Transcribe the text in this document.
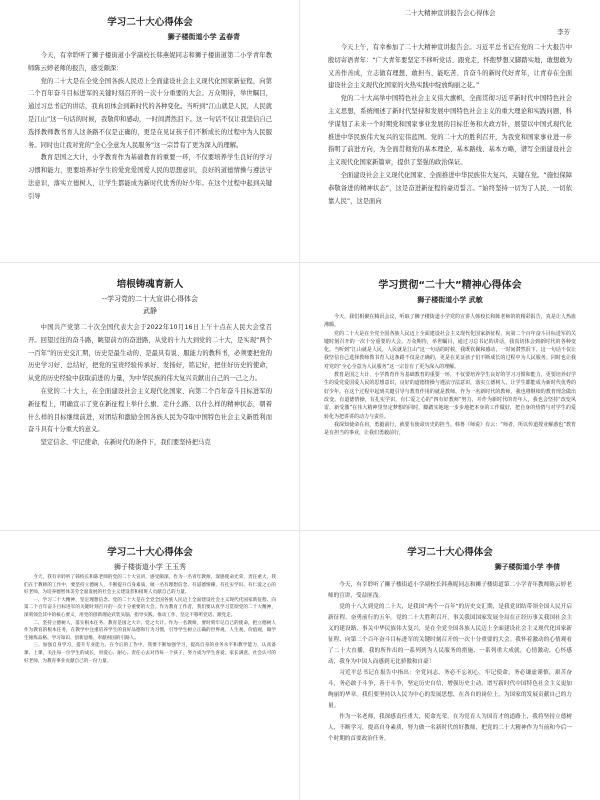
学习二十大心得体会
狮子楼街道小学 孟春青

今天，有幸聆听了狮子楼街道小学副校长韩燕妮同志和狮子楼街道第二小学青年教师陈云婷老师的报告，感受颇深：

党的二十大是在全党全国各族人民迈上全面建设社会主义现代化国家新征程，向第二个百年奋斗目标进军的关键时刻召开的一次十分重要的大会。万众期待，举世瞩目，通过习总书记的讲话，我真切体会到新时代的各种变化。当听到“江山就是人民，人民就是江山”这一句话的时候，我敬仰和感动，一时间潸然泪下。这一句话不仅让我坚信自己选择教师教书育人这条路不仅是正确的，更是在见证孩子们不断成长的过程中为人民服务。同时也让我对党的“全心全意为人民服务”这一宗旨有了更为深入的理解。

教育是国之大计，小学教育作为基础教育的重要一环，不仅要培养学生良好的学习习惯和能力，更要培养好学生的爱党爱国爱人民的思想意识，良好的道德情操与遵法守法意识，落实立德树人，让学生都能成为新时代优秀的好少年。在这个过程中起到关键引导

二十大精神宣讲报告会心得体会
李芳

今天上午，有幸参加了二十大精神宣讲报告会。习近平总书记在党的二十大报告中殷切寄语青年：“广大青年要坚定不移听党话、跟党走，怀抱梦想又脚踏实地，敢想敢为又善作善成，立志做有理想、敢担当、能吃苦、肯奋斗的新时代好青年，让青春在全面建设社会主义现代化国家的火热实践中绽放绚丽之花。”

党的二十大高举中国特色社会主义伟大旗帜，全面贯彻习近平新时代中国特色社会主义思想，系统阐述了新时代坚持和发展中国特色社会主义的重大理论和实践问题，科学谋划了未来一个时期党和国家事业发展的目标任务和大政方针，展望以中国式现代化推进中华民族伟大复兴的宏伟蓝图。党的二十大的胜利召开，为我党和国家事业进一步指明了前进方向，为全面贯彻党的基本理论、基本路线、基本方略，谱写全面建设社会主义现代化国家新篇章，提供了坚强的政治保证。

全面建设社会主义现代化国家、全面推进中华民族伟大复兴，关键在党。“施恒保障恭敬备进的精神状态”，这是奋进新征程的豪迈誓言。“始终坚持一切为了人民、一切依靠人民”，这是面向

培根铸魂育新人
--学习党的二十大宣讲心得体会
武静

中国共产党第二十次全国代表大会于2022年10月16日上午十点在人民大会堂召开。回望过往的奋斗路，眺望前方的奋进路，从党的十九大到党的二十大，是实现“两个一百年”的历史交汇期，历史是最生动的、是最具有说、服能力的教科书，必须要把党的历史学习好、总结好，把党的宝贵经验传承好、发扬好，铭记好，把住好历史的使命，从党的历史经验中获取前进的力量，为中华民族的伟大复兴贡献出自己的一己之力。

在党的二十大上，在全面建设社会主义现代化国家、向第二个百年奋斗目标进军的新征程上，明确宣示了党在新征程上举什么旗、走什么路、以什么样的精神状态，朝着什么样的目标继续前进，对团结和激励全国各族人民为夺取中国特色社会主义新胜利而奋斗具有十分重大的意义。

坚定信念、牢记使命，在新时代的条件下，我们要坚持把马克

学习贯彻“二十大”精神心得体会
狮子楼街道小学 武敏

今天，我们相聚在腾讯会议，听取了狮子楼街道小学党的宣讲人韩校长和陈老师的的精彩报告，真是让人热血沸腾。

党的二十大是在全党全国各族人民迈上全面建设社会主义现代化国家新征程，向第二个百年奋斗目标进军的关键时刻召开的一次十分重要的大会。万众期待，举世瞩目，通过习总书记的讲话，我真切体会到新时代的各种变化。当听到“江山就是人民，人民就是江山”这一句话的时候，我既钦佩和感动，一时间潸然泪下。这一句话不仅让我坚信自己选择教师教书育人这条路不仅是正确的，更是在见证孩子们不断成长的过程中为人民服务。同时也让我对党的“全心全意为人民服务”这一宗旨有了更为深入的理解。

教育是国之大计，小学教育作为基础教育的重要一环，不仅要培养学生良好的学习习惯和能力，更要培养好学生的爱党爱国爱人民的思想意识，良好的道德情操与遵法守法意识，落实立德树人，让学生都能成为新时代优秀的好少年。在这个过程中起到关键引导与教育作用的就是教师。作为一名新时代的教师，我也将继续的教育理念做出改变。有道德情操，有扎实学识，有仁爱之心的“四有好教师”努力，并作为新时代的青年人，我也会坚持“改变风雷，新受激”在伟大精神里坚定梦想的同时，脚踏实地地一步步地把本身的工作做好，把自身的热情与对学生的爱转化为把讲讲的动力与责任。

我深知使命在肩，勇毅前行，就要有使命历史的担当。韩鲁《师说》有云：“师者，所以传道授业解惑也”教育是有担当的事业，让我们勇毅前行，

学习二十大心得体会
狮子楼街道小学 王玉秀

今天，我有幸聆听了韩校长和陈老师的党的二十大宣讲，感受颇深。作为一名青年教师，深感使命光荣、责任重大，我们在于教师的工作中，要坚持立德树人，不断提升自身素质，做一名有理想信念、有道德情操、有扎实学识、有仁爱之心的好老师，为培养德智体美劳全面发展的社会主义建设者和接班人贡献自己的力量。

一、学习二十大精神，坚定理想信念。党的二十大是在全党全国各族人民迈上全面建设社会主义现代化国家新征程、向第二个百年奋斗目标进军的关键时刻召开的一次十分重要的大会。作为教育工作者，我们要认真学习贯彻党的二十大精神，深刻领会其中的核心要义，用党的创新理论武装头脑、指导实践、推动工作，坚定不移听党话、跟党走。

二、坚持立德树人，落实根本任务。教育是国之大计、党之大计。作为一名教师，要时刻牢记自己的使命，把立德树人作为教育的根本任务，在教学中注重培养学生的良好品德和行为习惯，引导学生树立正确的世界观、人生观、价值观，做学生锤炼品格、学习知识、创新思维、奉献祖国的引路人。

三、加强自身学习，提升专业能力。在今后的工作中，我要不断加强学习，提高自身的业务水平和教学能力，认真备课、上课，关注每一位学生的成长，用爱心、耐心、责任心去对待每一个孩子，努力成为学生喜爱、家长满意、社会认可的好老师，为教育事业贡献自己的一份力量。

学习二十大心得体会
狮子楼街道小学 李倩

今天，有幸聆听了狮子楼街道小学副校长韩燕妮同志和狮子楼街道第二小学青年教师陈云婷老师的宣讲，受益匪浅。

党的十八大到党的二十大，是我国“两个一百年”的历史交汇期，是我党团结带领全国人民开启新征程、奋勇前行的五年。党的二十大胜利召开，事关我国国家发展全局在正经历事关我国社会主义的建设路，事关中华民族伟大复兴，是在全党全国各族人民迈上全面建设社会主义现代化国家新征程、向第二个百年奋斗目标进军的关键时刻召开的一次十分重要的大会。我怀着激动的心情观看了二十大直播，我的所作出的一系列列为人民服务的措施、一系列重大成就，心情激动，心怀感动，我身为中国人而感到无比骄傲和自豪！

习近平总书记在报告中指出：全党同志，务必不忘初心，牢记使命，务必谦虚谨慎，艰苦奋斗，务必敢于斗争，善于斗争，坚定历史自信，增强历史主动，谱写新时代中国特色社会主义更加绚丽的华章。我们要坚持以人民为中心的发展思想，在各自的岗位上，为国家的发展贡献自己的力量。

作为一名老师，我深感责任重大，使命光荣。在为党育人为国育才的道路上，我将坚持立德树人，不断学习，提高自身素质，努力做一名新时代的好教师，把党的二十大精神作为当前和今后一个时期的首要政治任务。
